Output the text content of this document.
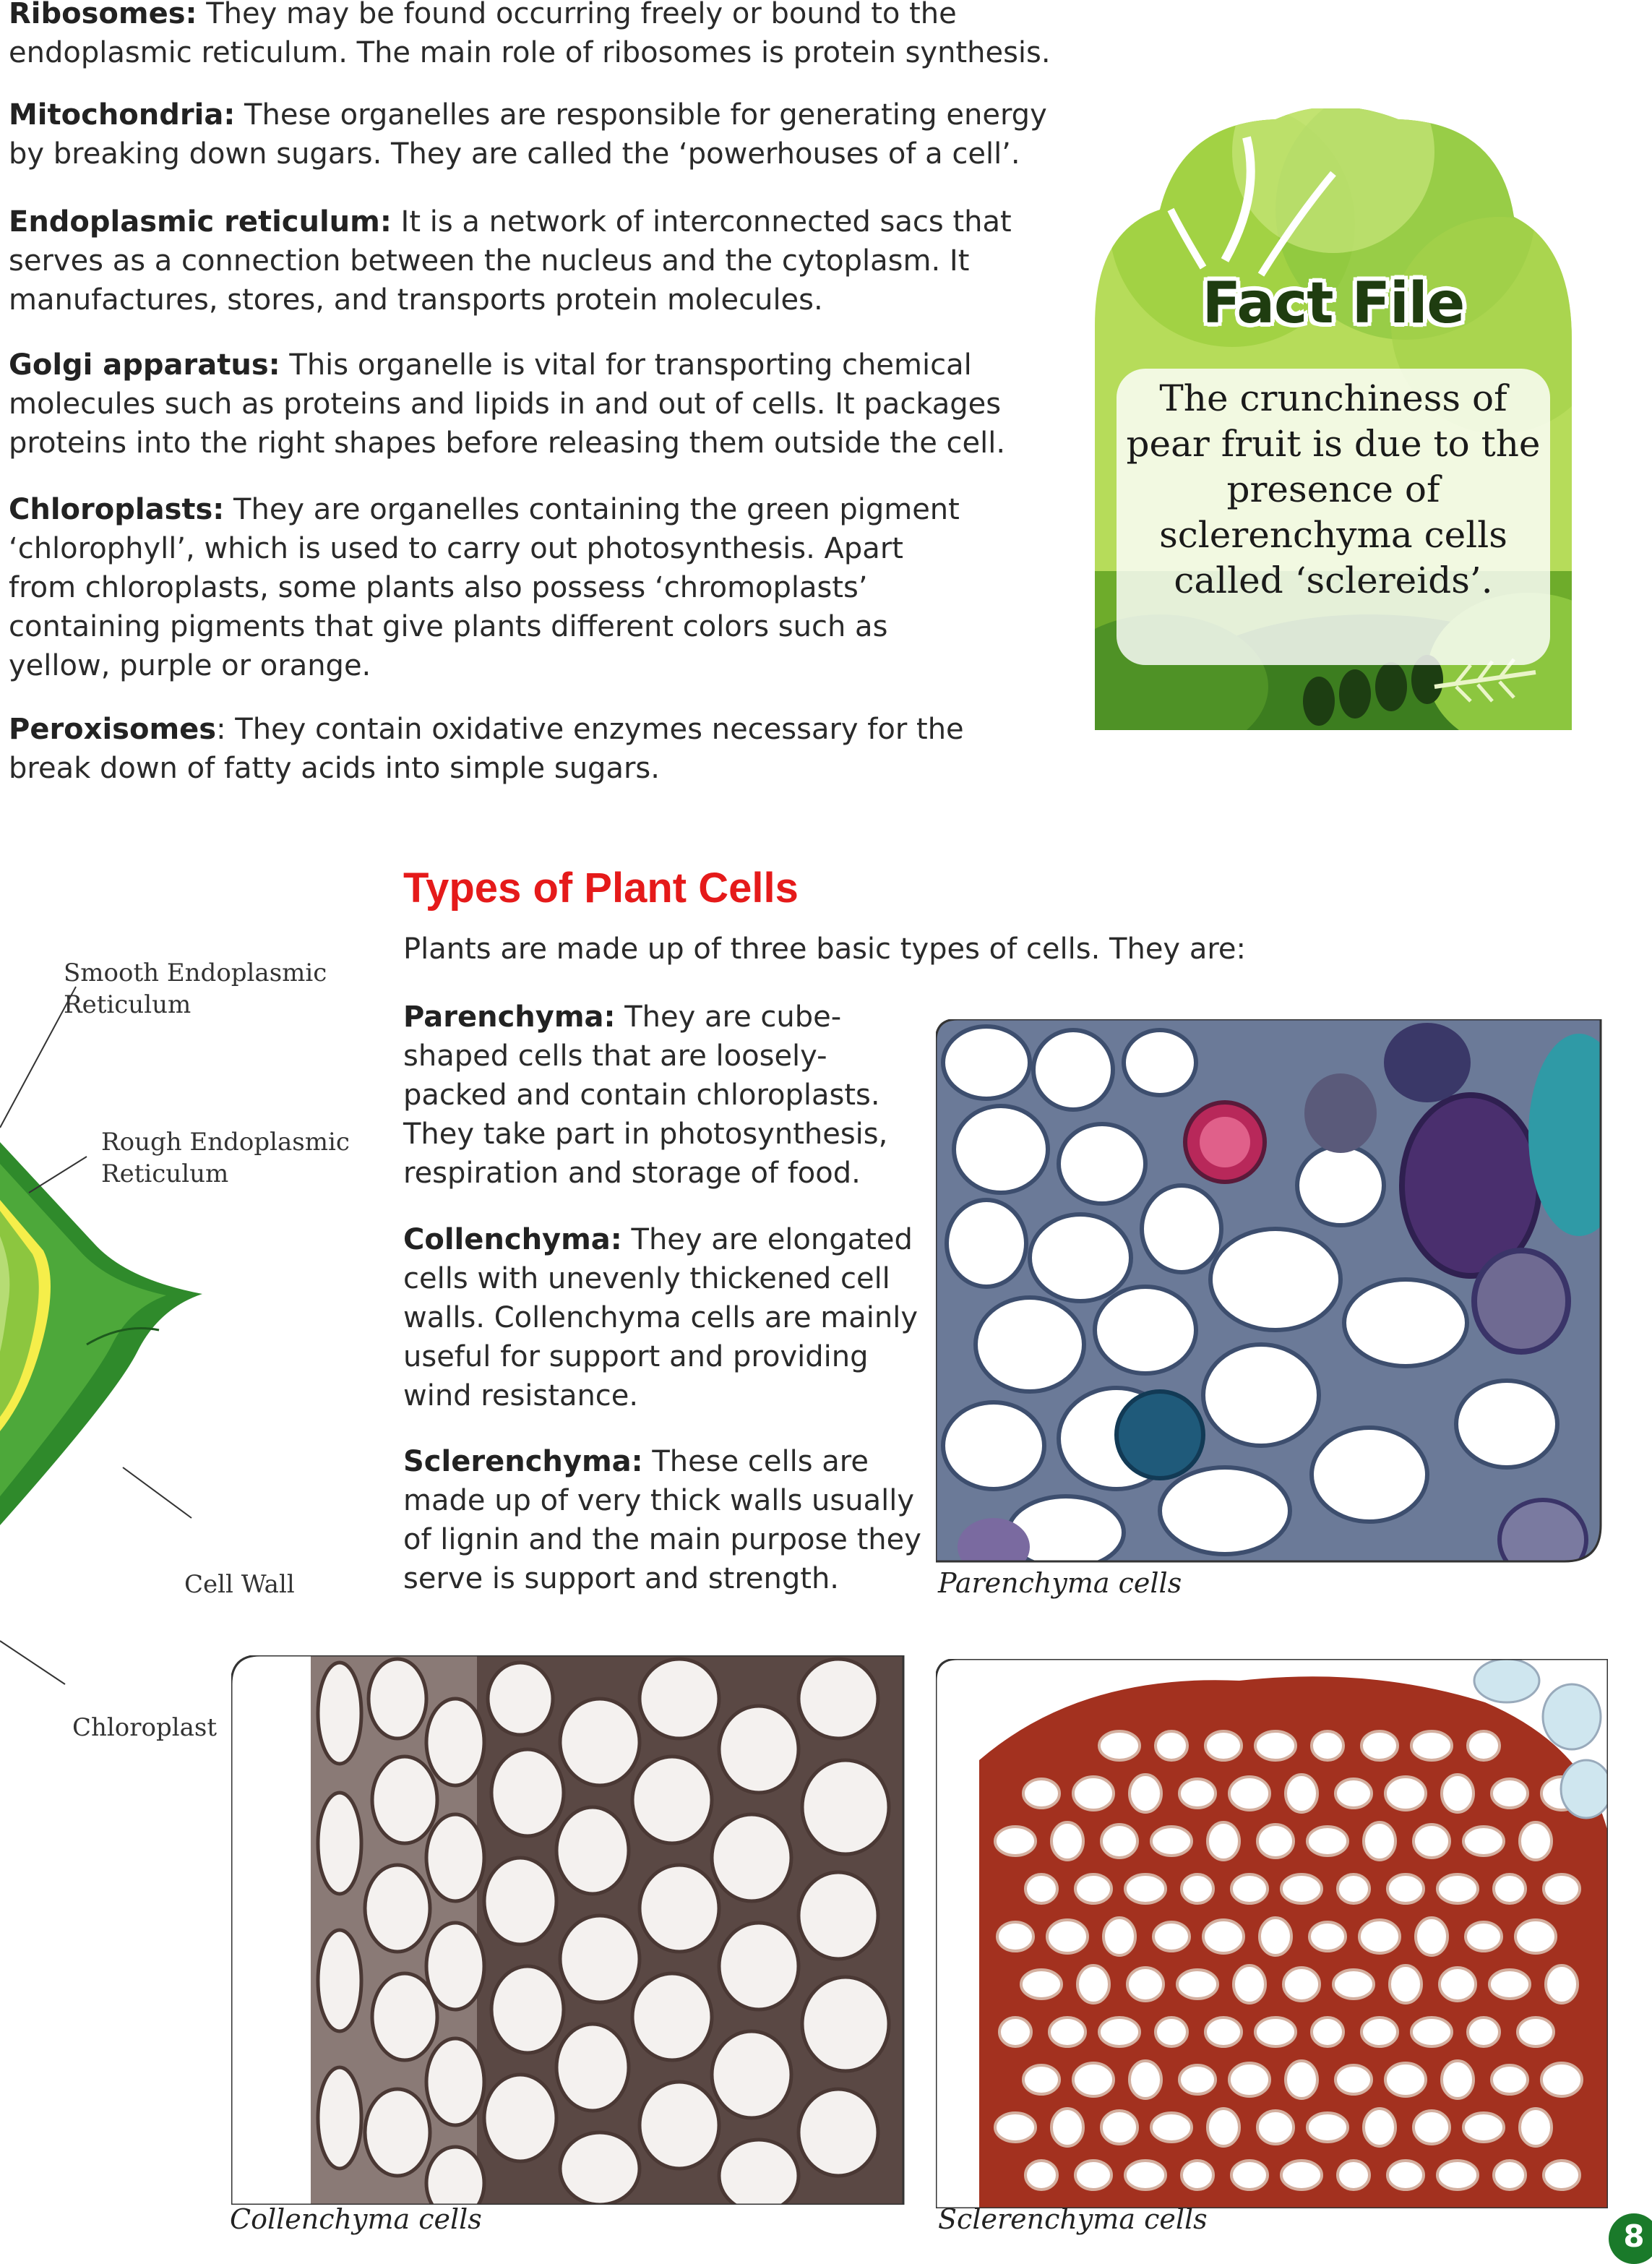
Ribosomes: They may be found occurring freely or bound to the endoplasmic reticulum. The main role of ribosomes is protein synthesis.

Mitochondria: These organelles are responsible for generating energy by breaking down sugars. They are called the ‘powerhouses of a cell’.

Endoplasmic reticulum: It is a network of interconnected sacs that serves as a connection between the nucleus and the cytoplasm. It manufactures, stores, and transports protein molecules.

Golgi apparatus: This organelle is vital for transporting chemical molecules such as proteins and lipids in and out of cells. It packages proteins into the right shapes before releasing them outside the cell.

Chloroplasts: They are organelles containing the green pigment ‘chlorophyll’, which is used to carry out photosynthesis. Apart from chloroplasts, some plants also possess ‘chromoplasts’ containing pigments that give plants different colors such as yellow, purple or orange.

Peroxisomes: They contain oxidative enzymes necessary for the break down of fatty acids into simple sugars.

Fact File
The crunchiness of pear fruit is due to the presence of sclerenchyma cells called ‘sclereids’.
Smooth Endoplasmic
Reticulum
Rough Endoplasmic
Reticulum
Cell Wall
Chloroplast
Types of Plant Cells
Plants are made up of three basic types of cells. They are:

Parenchyma: They are cube-shaped cells that are loosely-packed and contain chloroplasts. They take part in photosynthesis, respiration and storage of food.

Collenchyma: They are elongated cells with unevenly thickened cell walls. Collenchyma cells are mainly useful for support and providing wind resistance.

Sclerenchyma: These cells are made up of very thick walls usually of lignin and the main purpose they serve is support and strength.	Parenchyma cells
Collenchyma cells	Sclerenchyma cells	8
